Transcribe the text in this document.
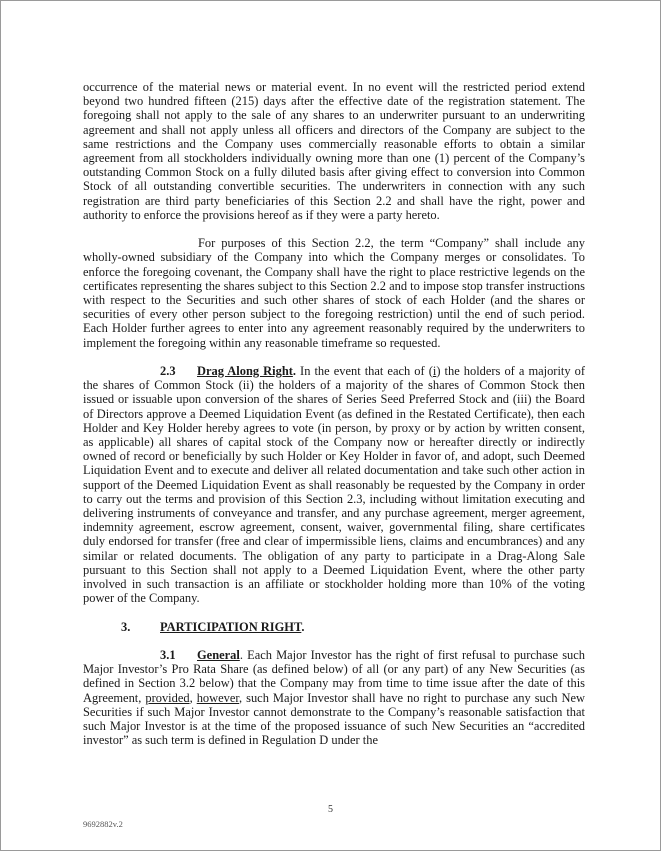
occurrence of the material news or material event. In no event will the restricted period extend beyond two hundred fifteen (215) days after the effective date of the registration statement. The foregoing shall not apply to the sale of any shares to an underwriter pursuant to an underwriting agreement and shall not apply unless all officers and directors of the Company are subject to the same restrictions and the Company uses commercially reasonable efforts to obtain a similar agreement from all stockholders individually owning more than one (1) percent of the Company’s outstanding Common Stock on a fully diluted basis after giving effect to conversion into Common Stock of all outstanding convertible securities. The underwriters in connection with any such registration are third party beneficiaries of this Section 2.2 and shall have the right, power and authority to enforce the provisions hereof as if they were a party hereto.

For purposes of this Section 2.2, the term “Company” shall include any wholly-owned subsidiary of the Company into which the Company merges or consolidates. To enforce the foregoing covenant, the Company shall have the right to place restrictive legends on the certificates representing the shares subject to this Section 2.2 and to impose stop transfer instructions with respect to the Securities and such other shares of stock of each Holder (and the shares or securities of every other person subject to the foregoing restriction) until the end of such period. Each Holder further agrees to enter into any agreement reasonably required by the underwriters to implement the foregoing within any reasonable timeframe so requested.

2.3 Drag Along Right. In the event that each of (i) the holders of a majority of the shares of Common Stock (ii) the holders of a majority of the shares of Common Stock then issued or issuable upon conversion of the shares of Series Seed Preferred Stock and (iii) the Board of Directors approve a Deemed Liquidation Event (as defined in the Restated Certificate), then each Holder and Key Holder hereby agrees to vote (in person, by proxy or by action by written consent, as applicable) all shares of capital stock of the Company now or hereafter directly or indirectly owned of record or beneficially by such Holder or Key Holder in favor of, and adopt, such Deemed Liquidation Event and to execute and deliver all related documentation and take such other action in support of the Deemed Liquidation Event as shall reasonably be requested by the Company in order to carry out the terms and provision of this Section 2.3, including without limitation executing and delivering instruments of conveyance and transfer, and any purchase agreement, merger agreement, indemnity agreement, escrow agreement, consent, waiver, governmental filing, share certificates duly endorsed for transfer (free and clear of impermissible liens, claims and encumbrances) and any similar or related documents. The obligation of any party to participate in a Drag-Along Sale pursuant to this Section shall not apply to a Deemed Liquidation Event, where the other party involved in such transaction is an affiliate or stockholder holding more than 10% of the voting power of the Company.

3. PARTICIPATION RIGHT.

3.1 General. Each Major Investor has the right of first refusal to purchase such Major Investor’s Pro Rata Share (as defined below) of all (or any part) of any New Securities (as defined in Section 3.2 below) that the Company may from time to time issue after the date of this Agreement, provided, however, such Major Investor shall have no right to purchase any such New Securities if such Major Investor cannot demonstrate to the Company’s reasonable satisfaction that such Major Investor is at the time of the proposed issuance of such New Securities an “accredited investor” as such term is defined in Regulation D under the

5
9692882v.2
